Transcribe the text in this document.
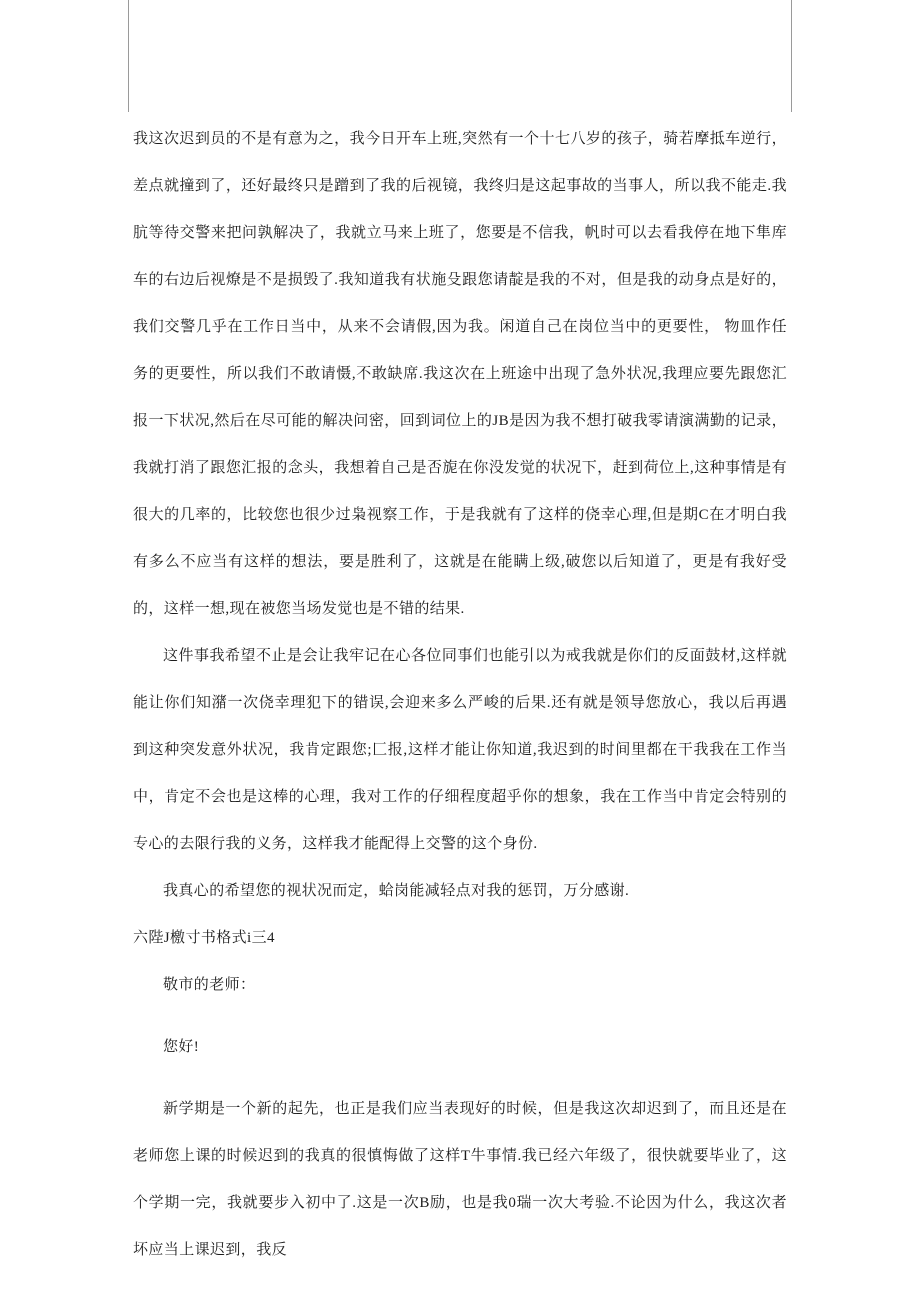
我这次迟到员的不是有意为之，我今日开车上班,突然有一个十七八岁的孩子，骑若摩抵车逆行，差点就撞到了，还好最终只是蹭到了我的后视镜，我终归是这起事故的当事人，所以我不能走.我肮等待交警来把问孰解决了，我就立马来上班了，您要是不信我，帆时可以去看我停在地下隼库车的右边后视燎是不是损毁了.我知道我有状施殳跟您请靛是我的不对，但是我的动身点是好的，我们交警几乎在工作日当中，从来不会请假,因为我。闲道自己在岗位当中的更要性， 物皿作任务的更要性，所以我们不敢请慑,不敢缺席.我这次在上班途中出现了急外状况,我理应要先跟您汇报一下状况,然后在尽可能的解决问密，回到词位上的JB是因为我不想打破我零请演满勤的记录，我就打消了跟您汇报的念头，我想着自己是否旎在你没发觉的状况下，赶到荷位上,这种事情是有很大的几率的，比较您也很少过枭视察工作，于是我就有了这样的侥幸心理,但是期C在才明白我有多么不应当有这样的想法，要是胜利了，这就是在能瞒上级,破您以后知道了，更是有我好受的，这样一想,现在被您当场发觉也是不错的结果.

这件事我希望不止是会让我牢记在心各位同事们也能引以为戒我就是你们的反面鼓材,这样就能让你们知潴一次侥幸理犯下的错误,会迎来多么严峻的后果.还有就是领导您放心，我以后再遇到这种突发意外状况，我肯定跟您;匚报,这样才能让你知道,我迟到的时间里都在干我我在工作当中，肯定不会也是这棒的心理，我对工作的仔细程度超乎你的想象，我在工作当中肯定会特别的专心的去限行我的义务，这样我才能配得上交警的这个身份.

我真心的希望您的视状况而定，蛤岗能减轻点对我的惩罚，万分感谢.

六陛J檄寸书格式i三4

敬市的老师：

您好!

新学期是一个新的起先，也正是我们应当表现好的时候，但是我这次却迟到了，而且还是在老师您上课的时候迟到的我真的很慎悔做了这样T牛事情.我已经六年级了，很快就要毕业了，这个学期一完，我就要步入初中了.这是一次B励，也是我0瑞一次大考验.不论因为什么，我这次者坏应当上课迟到，我反
